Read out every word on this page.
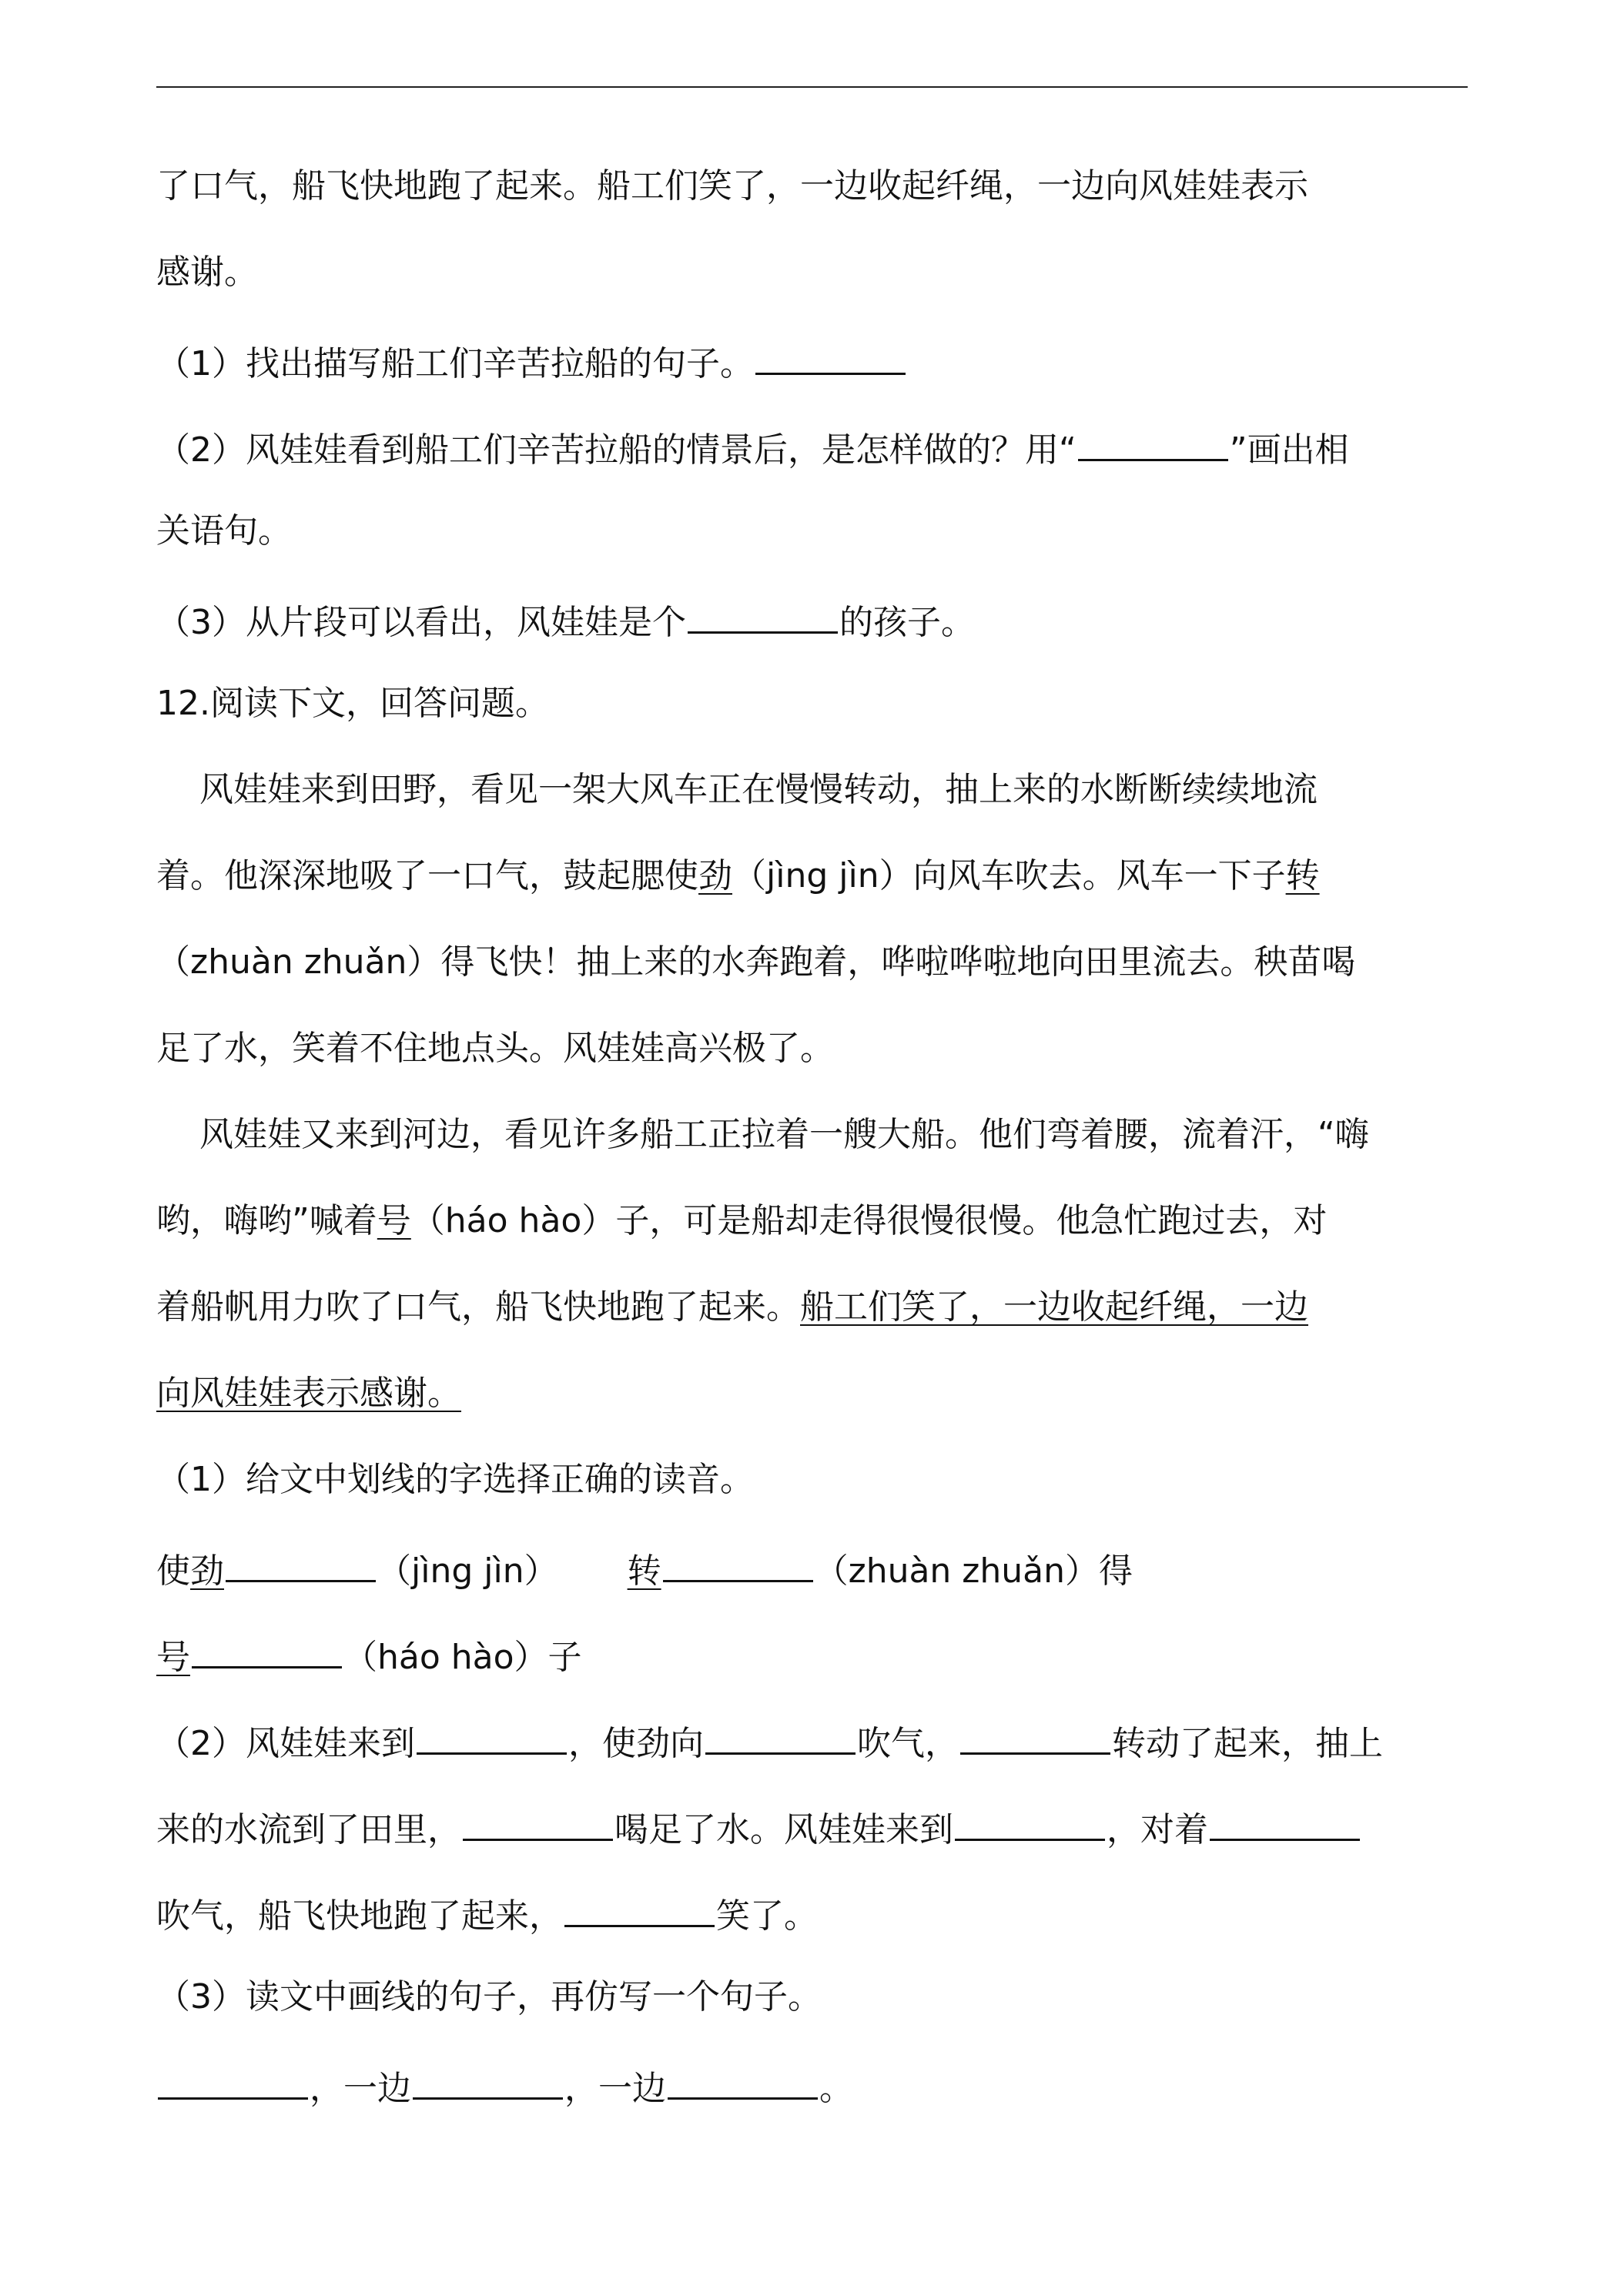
了口气，船飞快地跑了起来。船工们笑了，一边收起纤绳，一边向风娃娃表示
感谢。
（1）找出描写船工们辛苦拉船的句子。
（2）风娃娃看到船工们辛苦拉船的情景后，是怎样做的？用“	”画出相
关语句。
（3）从片段可以看出，风娃娃是个	的孩子。
12.阅读下文，回答问题。
风娃娃来到田野，看见一架大风车正在慢慢转动，抽上来的水断断续续地流
着。他深深地吸了一口气，鼓起腮使劲（jìng jìn）向风车吹去。风车一下子转
（zhuàn zhuǎn）得飞快！抽上来的水奔跑着，哗啦哗啦地向田里流去。秧苗喝
足了水，笑着不住地点头。风娃娃高兴极了。
风娃娃又来到河边，看见许多船工正拉着一艘大船。他们弯着腰，流着汗，“嗨
哟，嗨哟”喊着号（háo hào）子，可是船却走得很慢很慢。他急忙跑过去，对
着船帆用力吹了口气，船飞快地跑了起来。船工们笑了，一边收起纤绳，一边
向风娃娃表示感谢。
（1）给文中划线的字选择正确的读音。
使劲	（jìng jìn） 转	（zhuàn zhuǎn）得
号	（háo hào）子
（2）风娃娃来到	，使劲向	吹气，	转动了起来，抽上
来的水流到了田里，	喝足了水。风娃娃来到	，对着
吹气，船飞快地跑了起来，	笑了。
（3）读文中画线的句子，再仿写一个句子。
，一边	，一边	。
